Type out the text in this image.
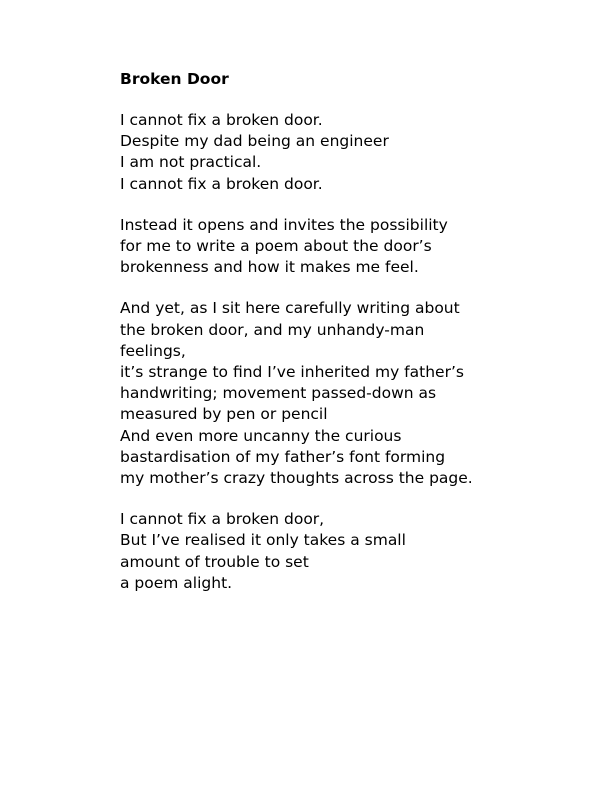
Broken Door
I cannot fix a broken door.
Despite my dad being an engineer
I am not practical.
I cannot fix a broken door.
Instead it opens and invites the possibility
for me to write a poem about the door’s
brokenness and how it makes me feel.
And yet, as I sit here carefully writing about
the broken door, and my unhandy-man
feelings,
it’s strange to find I’ve inherited my father’s
handwriting; movement passed-down as
measured by pen or pencil
And even more uncanny the curious
bastardisation of my father’s font forming
my mother’s crazy thoughts across the page.
I cannot fix a broken door,
But I’ve realised it only takes a small
amount of trouble to set
a poem alight.
